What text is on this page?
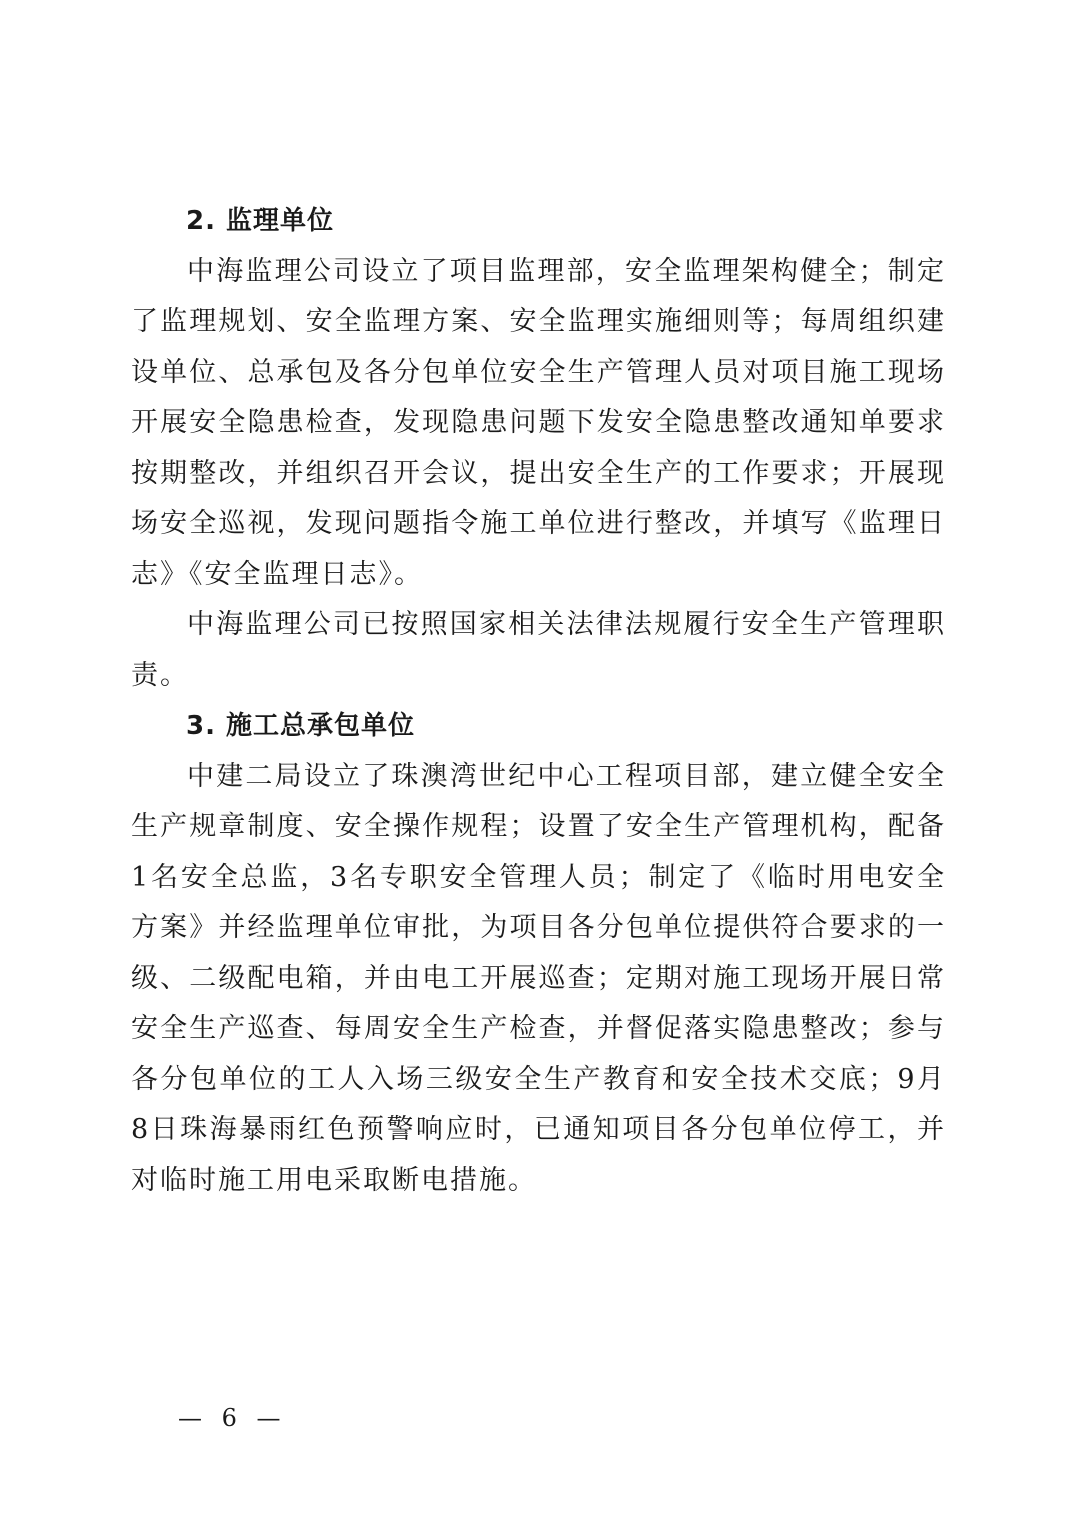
2. 监理单位

中海监理公司设立了项目监理部，安全监理架构健全；制定了监理规划、安全监理方案、安全监理实施细则等；每周组织建设单位、总承包及各分包单位安全生产管理人员对项目施工现场开展安全隐患检查，发现隐患问题下发安全隐患整改通知单要求按期整改，并组织召开会议，提出安全生产的工作要求；开展现场安全巡视，发现问题指令施工单位进行整改，并填写《监理日志》《安全监理日志》。

中海监理公司已按照国家相关法律法规履行安全生产管理职责。

3. 施工总承包单位

中建二局设立了珠澳湾世纪中心工程项目部，建立健全安全生产规章制度、安全操作规程；设置了安全生产管理机构，配备1名安全总监，3名专职安全管理人员；制定了《临时用电安全方案》并经监理单位审批，为项目各分包单位提供符合要求的一级、二级配电箱，并由电工开展巡查；定期对施工现场开展日常安全生产巡查、每周安全生产检查，并督促落实隐患整改；参与各分包单位的工人入场三级安全生产教育和安全技术交底；9月8日珠海暴雨红色预警响应时，已通知项目各分包单位停工，并对临时施工用电采取断电措施。

— 6 —
